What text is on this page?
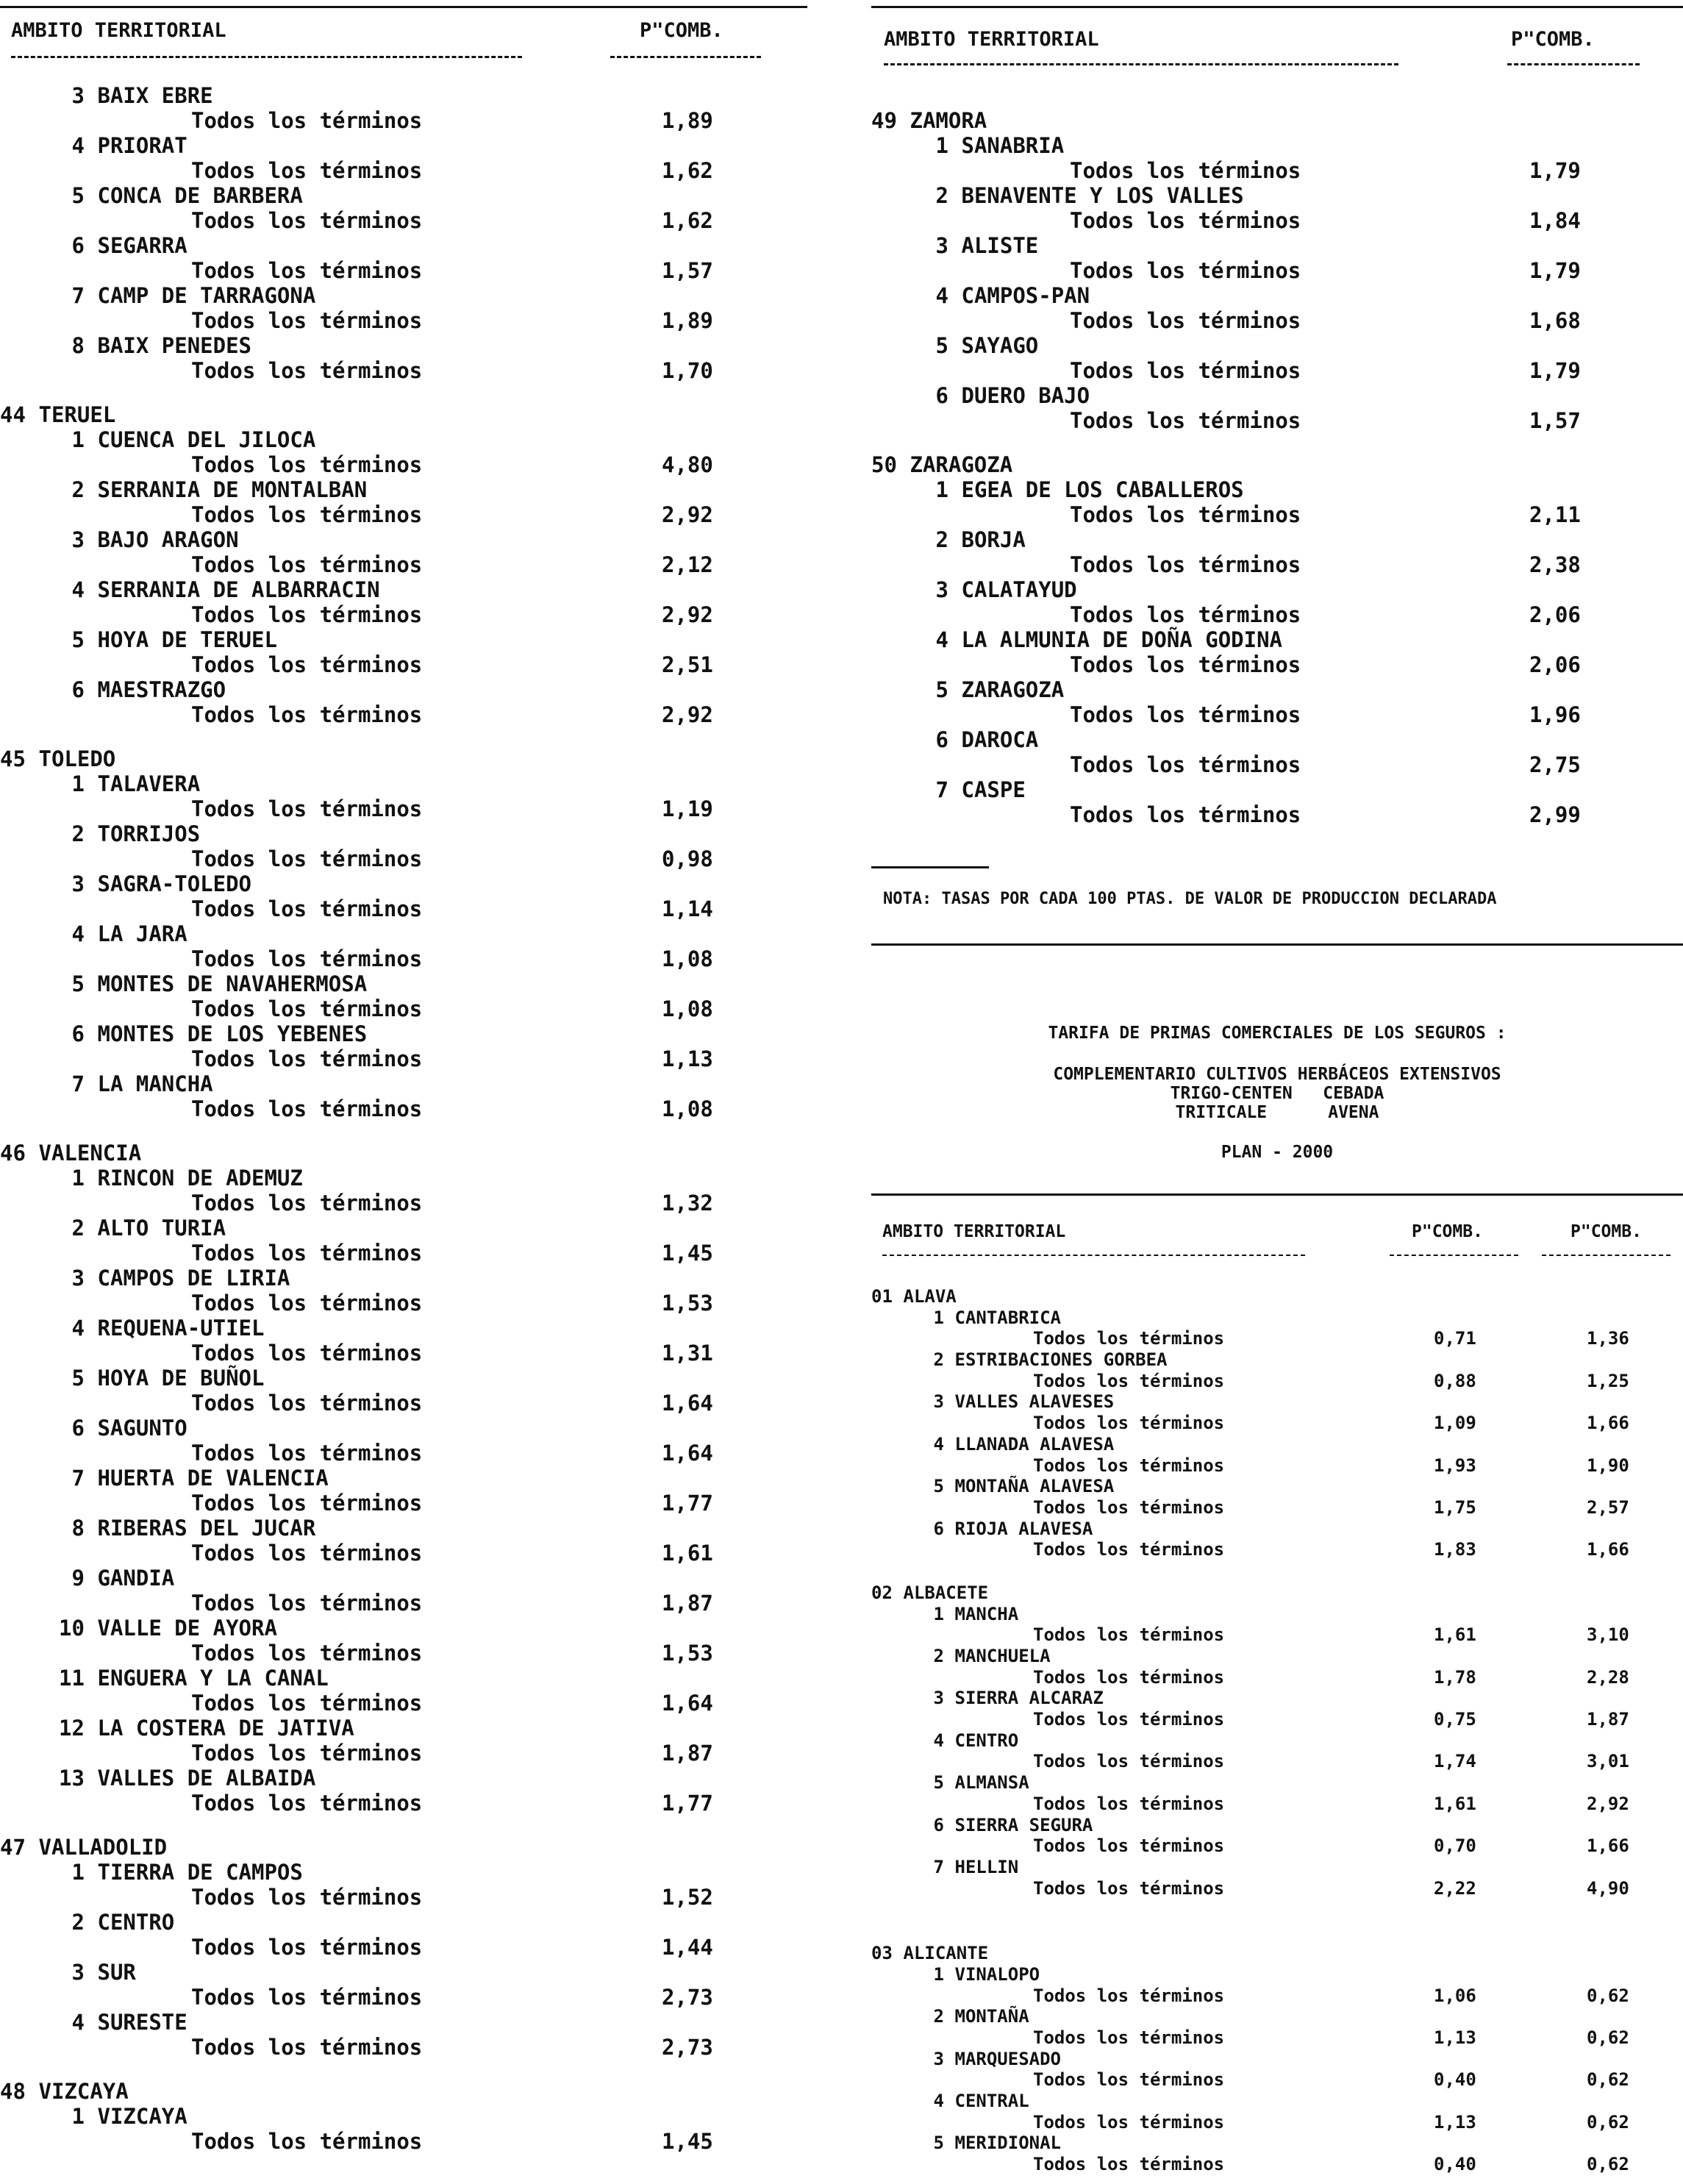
AMBITO TERRITORIAL	P"COMB.
3 BAIX EBRE
Todos los términos	1,89
4 PRIORAT
Todos los términos	1,62
5 CONCA DE BARBERA
Todos los términos	1,62
6 SEGARRA
Todos los términos	1,57
7 CAMP DE TARRAGONA
Todos los términos	1,89
8 BAIX PENEDES
Todos los términos	1,70
44 TERUEL
1 CUENCA DEL JILOCA
Todos los términos	4,80
2 SERRANIA DE MONTALBAN
Todos los términos	2,92
3 BAJO ARAGON
Todos los términos	2,12
4 SERRANIA DE ALBARRACIN
Todos los términos	2,92
5 HOYA DE TERUEL
Todos los términos	2,51
6 MAESTRAZGO
Todos los términos	2,92
45 TOLEDO
1 TALAVERA
Todos los términos	1,19
2 TORRIJOS
Todos los términos	0,98
3 SAGRA-TOLEDO
Todos los términos	1,14
4 LA JARA
Todos los términos	1,08
5 MONTES DE NAVAHERMOSA
Todos los términos	1,08
6 MONTES DE LOS YEBENES
Todos los términos	1,13
7 LA MANCHA
Todos los términos	1,08
46 VALENCIA
1 RINCON DE ADEMUZ
Todos los términos	1,32
2 ALTO TURIA
Todos los términos	1,45
3 CAMPOS DE LIRIA
Todos los términos	1,53
4 REQUENA-UTIEL
Todos los términos	1,31
5 HOYA DE BUÑOL
Todos los términos	1,64
6 SAGUNTO
Todos los términos	1,64
7 HUERTA DE VALENCIA
Todos los términos	1,77
8 RIBERAS DEL JUCAR
Todos los términos	1,61
9 GANDIA
Todos los términos	1,87
10 VALLE DE AYORA
Todos los términos	1,53
11 ENGUERA Y LA CANAL
Todos los términos	1,64
12 LA COSTERA DE JATIVA
Todos los términos	1,87
13 VALLES DE ALBAIDA
Todos los términos	1,77
47 VALLADOLID
1 TIERRA DE CAMPOS
Todos los términos	1,52
2 CENTRO
Todos los términos	1,44
3 SUR
Todos los términos	2,73
4 SURESTE
Todos los términos	2,73
48 VIZCAYA
1 VIZCAYA
Todos los términos	1,45
AMBITO TERRITORIAL	P"COMB.
49 ZAMORA
1 SANABRIA
Todos los términos	1,79
2 BENAVENTE Y LOS VALLES
Todos los términos	1,84
3 ALISTE
Todos los términos	1,79
4 CAMPOS-PAN
Todos los términos	1,68
5 SAYAGO
Todos los términos	1,79
6 DUERO BAJO
Todos los términos	1,57
50 ZARAGOZA
1 EGEA DE LOS CABALLEROS
Todos los términos	2,11
2 BORJA
Todos los términos	2,38
3 CALATAYUD
Todos los términos	2,06
4 LA ALMUNIA DE DOÑA GODINA
Todos los términos	2,06
5 ZARAGOZA
Todos los términos	1,96
6 DAROCA
Todos los términos	2,75
7 CASPE
Todos los términos	2,99
NOTA: TASAS POR CADA 100 PTAS. DE VALOR DE PRODUCCION DECLARADA
TARIFA DE PRIMAS COMERCIALES DE LOS SEGUROS :
COMPLEMENTARIO CULTIVOS HERBÁCEOS EXTENSIVOS
TRIGO-CENTEN   CEBADA
TRITICALE      AVENA
PLAN - 2000
AMBITO TERRITORIAL	P"COMB.	P"COMB.
01 ALAVA
1 CANTABRICA
Todos los términos	0,71	1,36
2 ESTRIBACIONES GORBEA
Todos los términos	0,88	1,25
3 VALLES ALAVESES
Todos los términos	1,09	1,66
4 LLANADA ALAVESA
Todos los términos	1,93	1,90
5 MONTAÑA ALAVESA
Todos los términos	1,75	2,57
6 RIOJA ALAVESA
Todos los términos	1,83	1,66
02 ALBACETE
1 MANCHA
Todos los términos	1,61	3,10
2 MANCHUELA
Todos los términos	1,78	2,28
3 SIERRA ALCARAZ
Todos los términos	0,75	1,87
4 CENTRO
Todos los términos	1,74	3,01
5 ALMANSA
Todos los términos	1,61	2,92
6 SIERRA SEGURA
Todos los términos	0,70	1,66
7 HELLIN
Todos los términos	2,22	4,90
03 ALICANTE
1 VINALOPO
Todos los términos	1,06	0,62
2 MONTAÑA
Todos los términos	1,13	0,62
3 MARQUESADO
Todos los términos	0,40	0,62
4 CENTRAL
Todos los términos	1,13	0,62
5 MERIDIONAL
Todos los términos	0,40	0,62
